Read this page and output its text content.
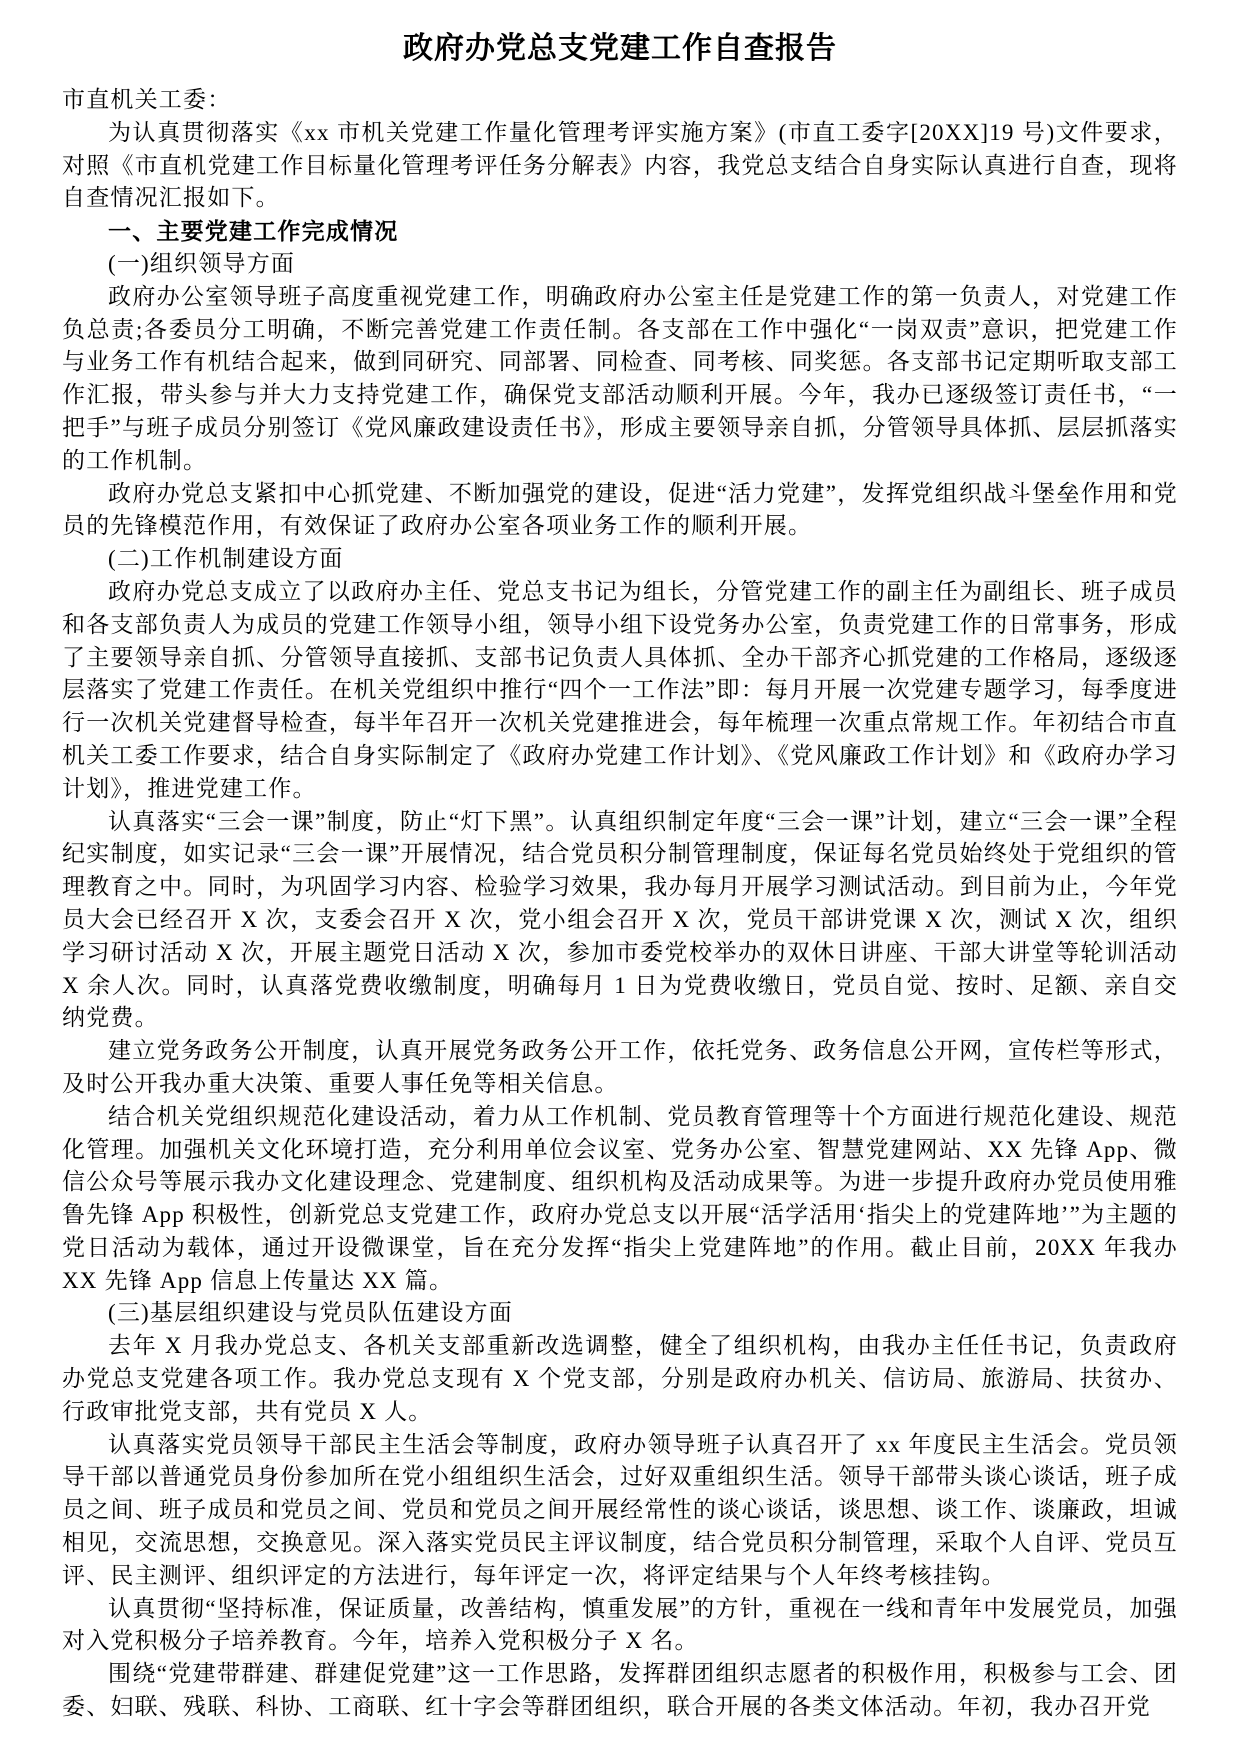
政府办党总支党建工作自查报告

市直机关工委：

为认真贯彻落实《xx 市机关党建工作量化管理考评实施方案》(市直工委字[20XX]19 号)文件要求，对照《市直机党建工作目标量化管理考评任务分解表》内容，我党总支结合自身实际认真进行自查，现将自查情况汇报如下。

一、主要党建工作完成情况

(一)组织领导方面

政府办公室领导班子高度重视党建工作，明确政府办公室主任是党建工作的第一负责人，对党建工作负总责;各委员分工明确，不断完善党建工作责任制。各支部在工作中强化“一岗双责”意识，把党建工作与业务工作有机结合起来，做到同研究、同部署、同检查、同考核、同奖惩。各支部书记定期听取支部工作汇报，带头参与并大力支持党建工作，确保党支部活动顺利开展。今年，我办已逐级签订责任书，“一把手”与班子成员分别签订《党风廉政建设责任书》，形成主要领导亲自抓，分管领导具体抓、层层抓落实的工作机制。

政府办党总支紧扣中心抓党建、不断加强党的建设，促进“活力党建”，发挥党组织战斗堡垒作用和党员的先锋模范作用，有效保证了政府办公室各项业务工作的顺利开展。

(二)工作机制建设方面

政府办党总支成立了以政府办主任、党总支书记为组长，分管党建工作的副主任为副组长、班子成员和各支部负责人为成员的党建工作领导小组，领导小组下设党务办公室，负责党建工作的日常事务，形成了主要领导亲自抓、分管领导直接抓、支部书记负责人具体抓、全办干部齐心抓党建的工作格局，逐级逐层落实了党建工作责任。在机关党组织中推行“四个一工作法”即：每月开展一次党建专题学习，每季度进行一次机关党建督导检查，每半年召开一次机关党建推进会，每年梳理一次重点常规工作。年初结合市直机关工委工作要求，结合自身实际制定了《政府办党建工作计划》、《党风廉政工作计划》和《政府办学习计划》，推进党建工作。

认真落实“三会一课”制度，防止“灯下黑”。认真组织制定年度“三会一课”计划，建立“三会一课”全程纪实制度，如实记录“三会一课”开展情况，结合党员积分制管理制度，保证每名党员始终处于党组织的管理教育之中。同时，为巩固学习内容、检验学习效果，我办每月开展学习测试活动。到目前为止，今年党员大会已经召开 X 次，支委会召开 X 次，党小组会召开 X 次，党员干部讲党课 X 次，测试 X 次，组织学习研讨活动 X 次，开展主题党日活动 X 次，参加市委党校举办的双休日讲座、干部大讲堂等轮训活动 X 余人次。同时，认真落党费收缴制度，明确每月 1 日为党费收缴日，党员自觉、按时、足额、亲自交纳党费。

建立党务政务公开制度，认真开展党务政务公开工作，依托党务、政务信息公开网，宣传栏等形式，及时公开我办重大决策、重要人事任免等相关信息。

结合机关党组织规范化建设活动，着力从工作机制、党员教育管理等十个方面进行规范化建设、规范化管理。加强机关文化环境打造，充分利用单位会议室、党务办公室、智慧党建网站、XX 先锋 App、微信公众号等展示我办文化建设理念、党建制度、组织机构及活动成果等。为进一步提升政府办党员使用雅鲁先锋 App 积极性，创新党总支党建工作，政府办党总支以开展“活学活用‘指尖上的党建阵地’”为主题的党日活动为载体，通过开设微课堂，旨在充分发挥“指尖上党建阵地”的作用。截止目前，20XX 年我办 XX 先锋 App 信息上传量达 XX 篇。

(三)基层组织建设与党员队伍建设方面

去年 X 月我办党总支、各机关支部重新改选调整，健全了组织机构，由我办主任任书记，负责政府办党总支党建各项工作。我办党总支现有 X 个党支部，分别是政府办机关、信访局、旅游局、扶贫办、行政审批党支部，共有党员 X 人。

认真落实党员领导干部民主生活会等制度，政府办领导班子认真召开了 xx 年度民主生活会。党员领导干部以普通党员身份参加所在党小组组织生活会，过好双重组织生活。领导干部带头谈心谈话，班子成员之间、班子成员和党员之间、党员和党员之间开展经常性的谈心谈话，谈思想、谈工作、谈廉政，坦诚相见，交流思想，交换意见。深入落实党员民主评议制度，结合党员积分制管理，采取个人自评、党员互评、民主测评、组织评定的方法进行，每年评定一次，将评定结果与个人年终考核挂钩。

认真贯彻“坚持标准，保证质量，改善结构，慎重发展”的方针，重视在一线和青年中发展党员，加强对入党积极分子培养教育。今年，培养入党积极分子 X 名。

围绕“党建带群建、群建促党建”这一工作思路，发挥群团组织志愿者的积极作用，积极参与工会、团委、妇联、残联、科协、工商联、红十字会等群团组织，联合开展的各类文体活动。年初，我办召开党
